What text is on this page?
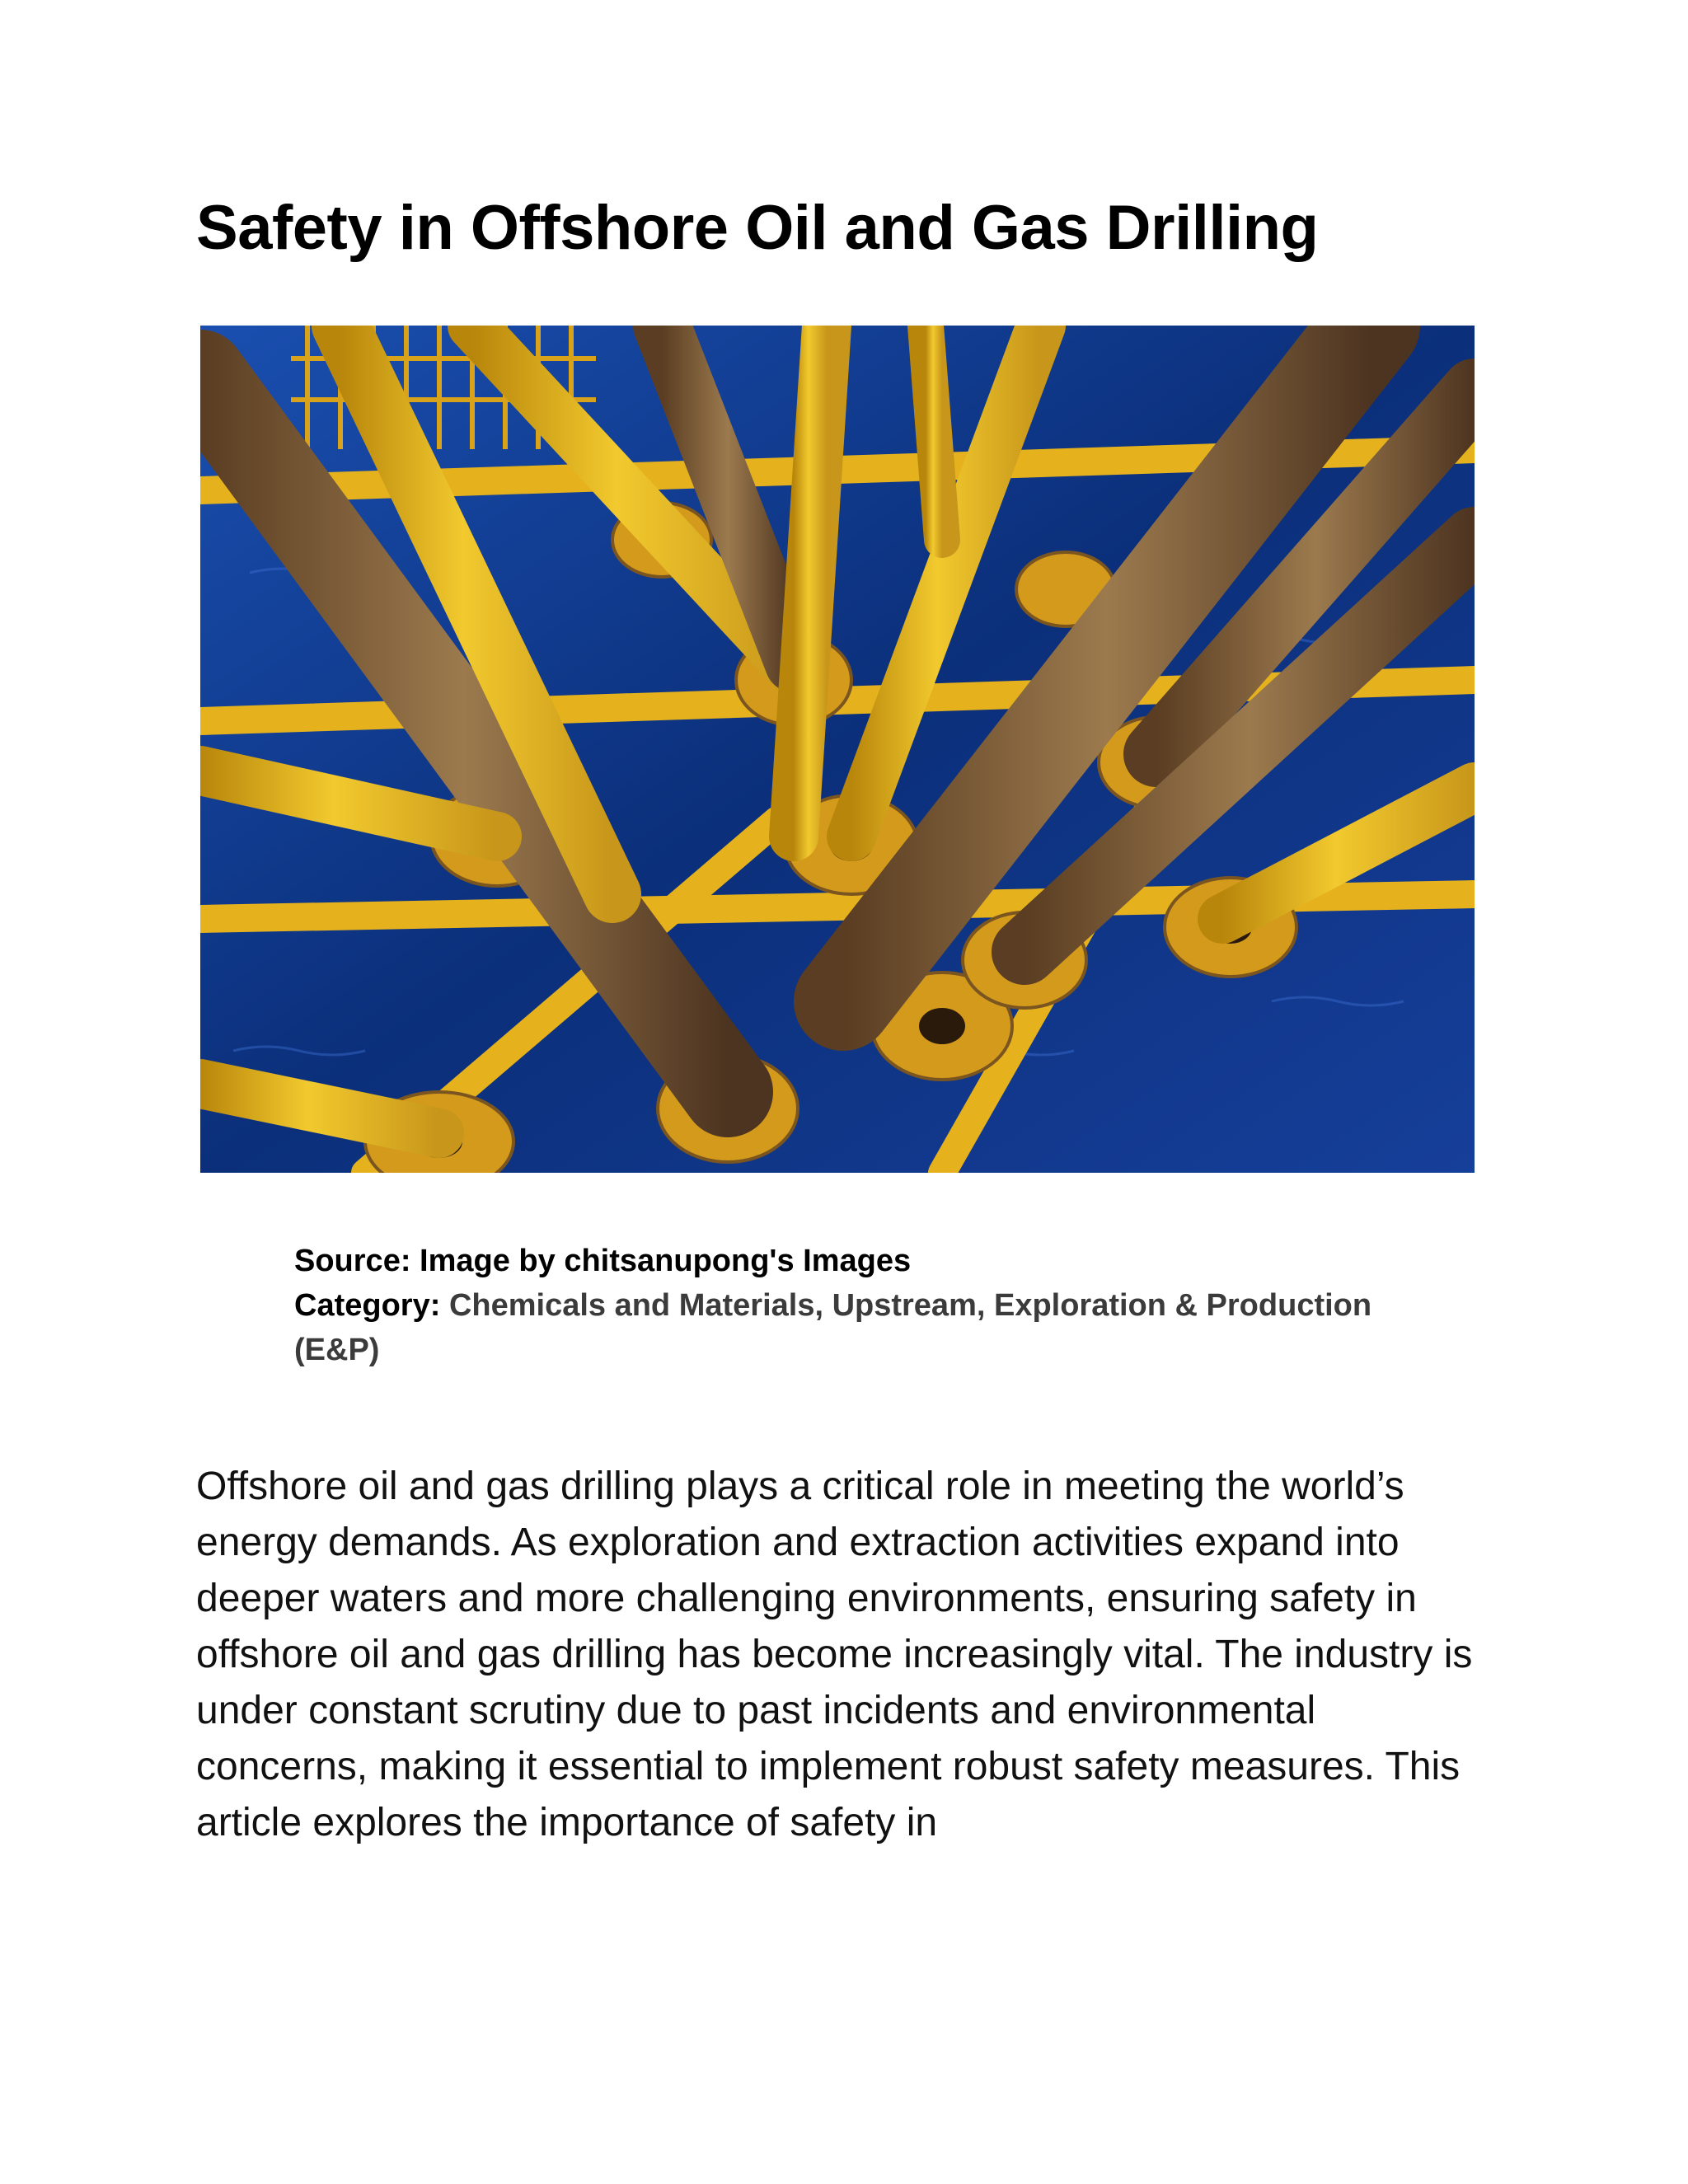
Safety in Offshore Oil and Gas Drilling

Source: Image by chitsanupong's Images

Category: Chemicals and Materials, Upstream, Exploration & Production (E&P)

Offshore oil and gas drilling plays a critical role in meeting the world’s energy demands. As exploration and extraction activities expand into deeper waters and more challenging environments, ensuring safety in offshore oil and gas drilling has become increasingly vital. The industry is under constant scrutiny due to past incidents and environmental concerns, making it essential to implement robust safety measures. This article explores the importance of safety in
